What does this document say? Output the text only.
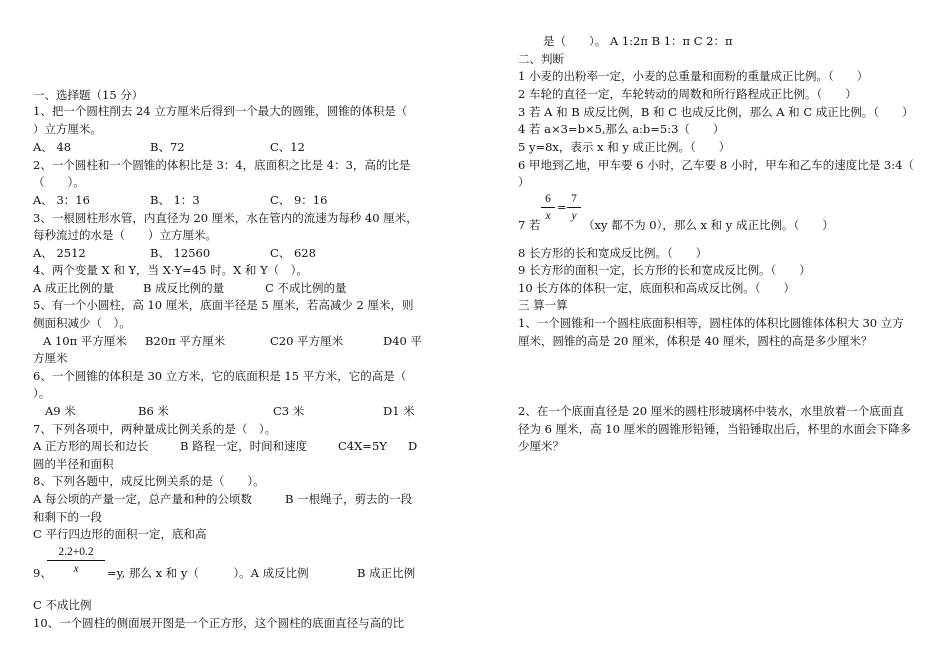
一、选择题（15 分）
1、把一个圆柱削去 24 立方厘米后得到一个最大的圆锥，圆锥的体积是（
）立方厘米。
A、 48	B、72	C、12
2、一个圆柱和一个圆锥的体积比是 3：4，底面积之比是 4：3，高的比是
（　　）。
A、 3：16	B、 1：3	C、 9：16
3、一根圆柱形水管，内直径为 20 厘米，水在管内的流速为每秒 40 厘米，
每秒流过的水是（　　）立方厘米。
A、 2512	B、 12560	C、 628
4、两个变量 X 和 Y，当 X·Y=45 时。X 和 Y（　）。
A 成正比例的量	B 成反比例的量	C 不成比例的量
5、有一个小圆柱，高 10 厘米，底面半径是 5 厘米，若高减少 2 厘米，则
侧面积减少（　）。
A 10π 平方厘米 B20π 平方厘米	C20 平方厘米	D40 平
方厘米
6、一个圆锥的体积是 30 立方米，它的底面积是 15 平方米，它的高是（
）。
A9 米	B6 米	C3 米	D1 米
7、下列各项中，两种量成比例关系的是（　）。
A 正方形的周长和边长	B 路程一定，时间和速度	C4X=5Y D
圆的半径和面积
8、下列各题中，成反比例关系的是（　　）。
A 每公顷的产量一定，总产量和种的公顷数	B 一根绳子，剪去的一段
和剩下的一段
C 平行四边形的面积一定，底和高
$\frac{2.2+0.2}{x}$
9、	=y, 那么 x 和 y（　　　）。A 成反比例	B 成正比例
C 不成比例
10、一个圆柱的侧面展开图是一个正方形，这个圆柱的底面直径与高的比
是（　　）。 A 1:2π B 1：π C 2：π
二、判断
1 小麦的出粉率一定，小麦的总重量和面粉的重量成正比例。（　　）
2 车轮的直径一定，车轮转动的周数和所行路程成正比例。（　　）
3 若 A 和 B 成反比例，B 和 C 也成反比例，那么 A 和 C 成正比例。（　　）
4 若 a×3=b×5,那么 a:b=5:3（　　）
5 y=8x，表示 x 和 y 成正比例。（　　）
6 甲地到乙地，甲车要 6 小时，乙车要 8 小时，甲车和乙车的速度比是 3:4（
）
7 若
$\frac{6}{x} = \frac{7}{y}$
（xy 都不为 0），那么 x 和 y 成正比例。（　　）
8 长方形的长和宽成反比例。（　　）
9 长方形的面积一定，长方形的长和宽成反比例。（　　）
10 长方体的体积一定，底面积和高成反比例。（　　）
三 算一算
1、一个圆锥和一个圆柱底面积相等，圆柱体的体积比圆锥体体积大 30 立方
厘米，圆锥的高是 20 厘米，体积是 40 厘米，圆柱的高是多少厘米？
2、在一个底面直径是 20 厘米的圆柱形玻璃杯中装水，水里放着一个底面直
径为 6 厘米，高 10 厘米的圆锥形铅锤，当铅锤取出后，杯里的水面会下降多
少厘米？
